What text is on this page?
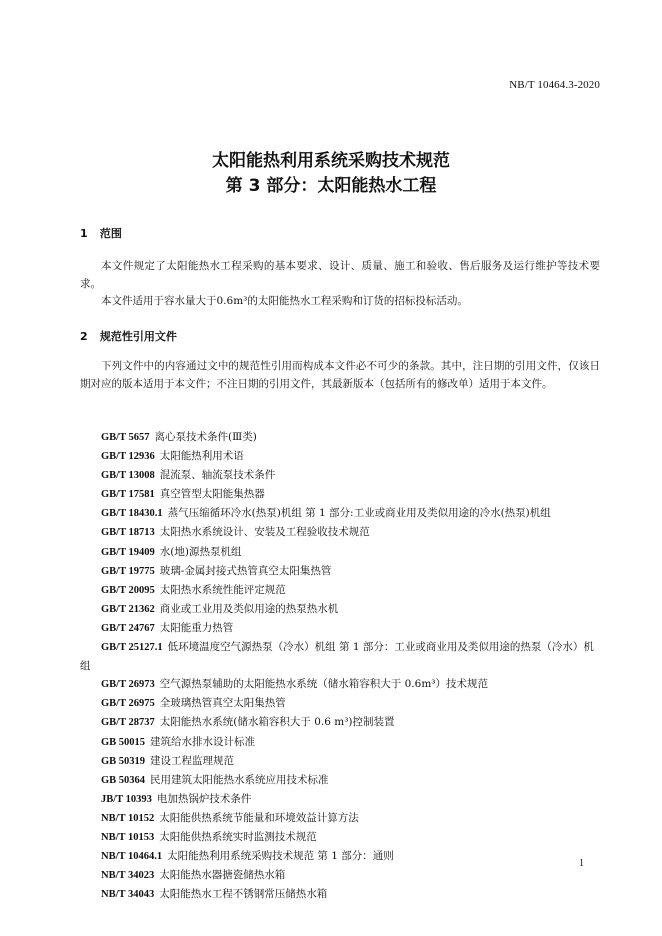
NB/T 10464.3-2020
太阳能热利用系统采购技术规范
第 3 部分：太阳能热水工程
1 范围
本文件规定了太阳能热水工程采购的基本要求、设计、质量、施工和验收、售后服务及运行维护等技术要求。
本文件适用于容水量大于0.6m³的太阳能热水工程采购和订货的招标投标活动。
2 规范性引用文件
下列文件中的内容通过文中的规范性引用而构成本文件必不可少的条款。其中，注日期的引用文件，仅该日期对应的版本适用于本文件；不注日期的引用文件，其最新版本（包括所有的修改单）适用于本文件。
GB/T 5657 离心泵技术条件(Ⅲ类)
GB/T 12936 太阳能热利用术语
GB/T 13008 混流泵、轴流泵技术条件
GB/T 17581 真空管型太阳能集热器
GB/T 18430.1 蒸气压缩循环冷水(热泵)机组 第 1 部分:工业或商业用及类似用途的冷水(热泵)机组
GB/T 18713 太阳热水系统设计、安装及工程验收技术规范
GB/T 19409 水(地)源热泵机组
GB/T 19775 玻璃-金属封接式热管真空太阳集热管
GB/T 20095 太阳热水系统性能评定规范
GB/T 21362 商业或工业用及类似用途的热泵热水机
GB/T 24767 太阳能重力热管
GB/T 25127.1 低环境温度空气源热泵（冷水）机组 第 1 部分：工业或商业用及类似用途的热泵（冷水）机组
GB/T 26973 空气源热泵辅助的太阳能热水系统（储水箱容积大于 0.6m³）技术规范
GB/T 26975 全玻璃热管真空太阳集热管
GB/T 28737 太阳能热水系统(储水箱容积大于 0.6 m³)控制装置
GB 50015 建筑给水排水设计标准
GB 50319 建设工程监理规范
GB 50364 民用建筑太阳能热水系统应用技术标准
JB/T 10393 电加热锅炉技术条件
NB/T 10152 太阳能供热系统节能量和环境效益计算方法
NB/T 10153 太阳能供热系统实时监测技术规范
NB/T 10464.1 太阳能热利用系统采购技术规范 第 1 部分：通则
NB/T 34023 太阳能热水器搪瓷储热水箱
NB/T 34043 太阳能热水工程不锈钢常压储热水箱
1
